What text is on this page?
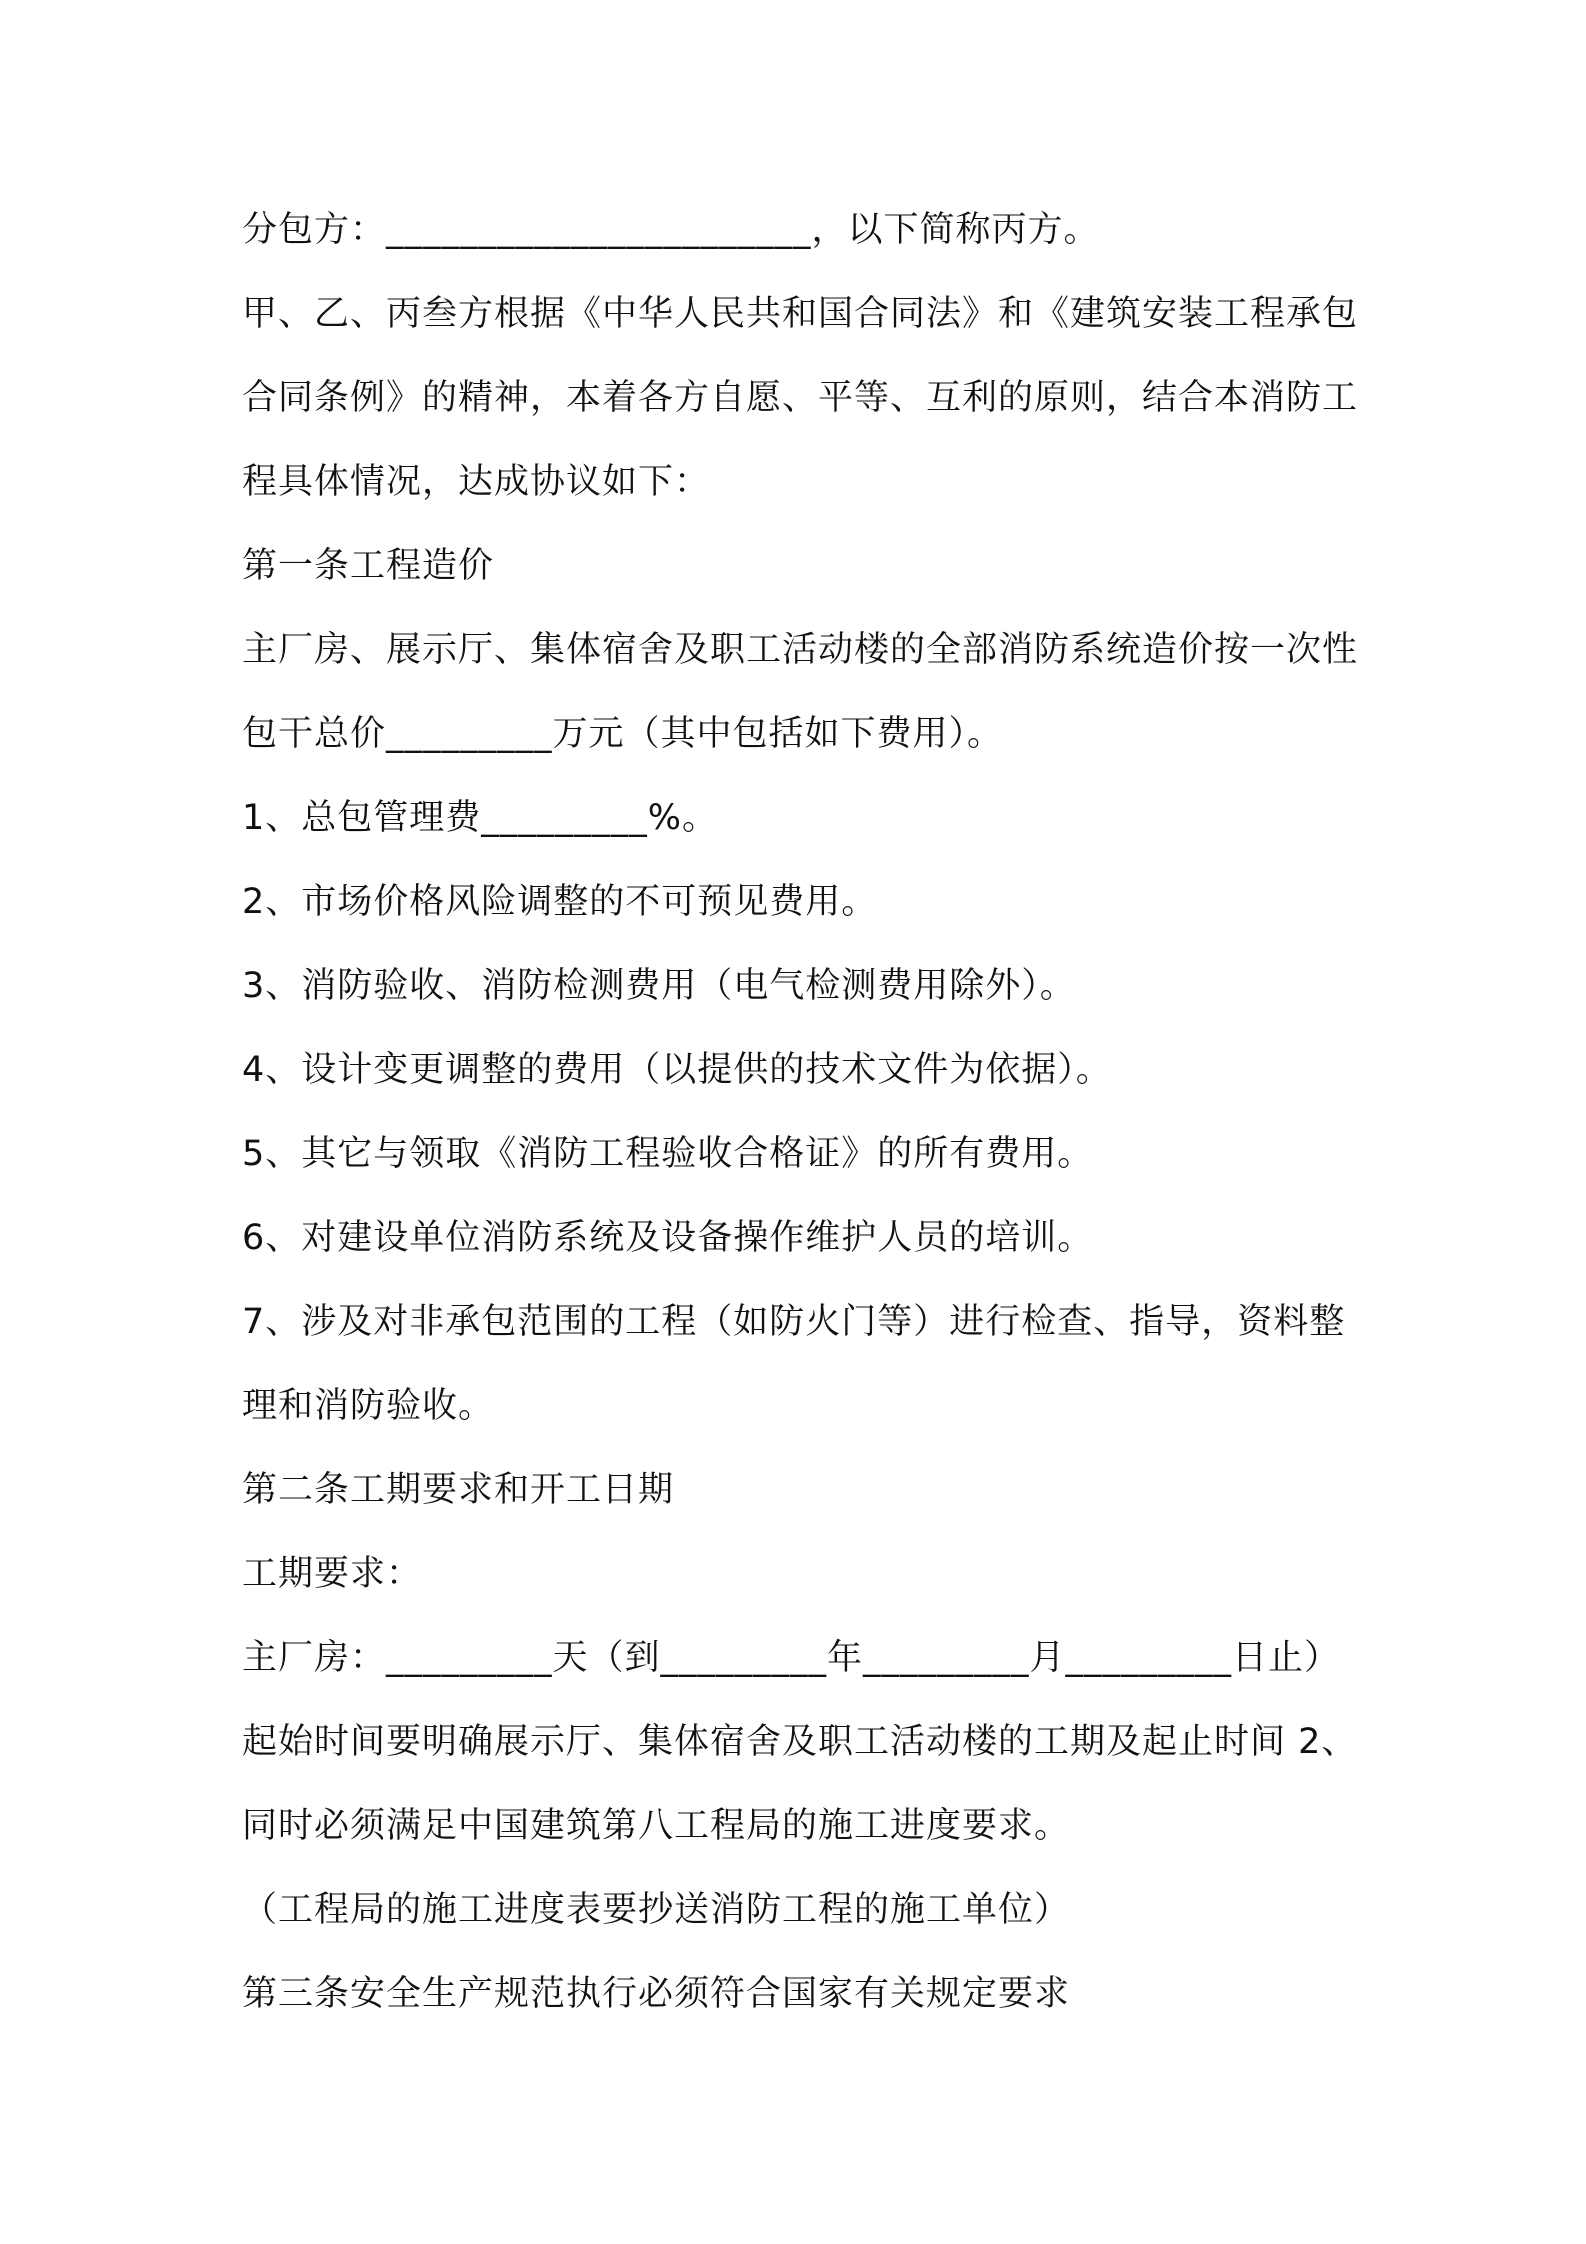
分包方：_______________________，以下简称丙方。

甲、乙、丙叁方根据《中华人民共和国合同法》和《建筑安装工程承包合同条例》的精神，本着各方自愿、平等、互利的原则，结合本消防工程具体情况，达成协议如下：

第一条工程造价

主厂房、展示厅、集体宿舍及职工活动楼的全部消防系统造价按一次性包干总价_________万元（其中包括如下费用）。

1、总包管理费_________%。

2、市场价格风险调整的不可预见费用。

3、消防验收、消防检测费用（电气检测费用除外）。

4、设计变更调整的费用（以提供的技术文件为依据）。

5、其它与领取《消防工程验收合格证》的所有费用。

6、对建设单位消防系统及设备操作维护人员的培训。

7、涉及对非承包范围的工程（如防火门等）进行检查、指导，资料整理和消防验收。

第二条工期要求和开工日期

工期要求：

主厂房：_________天（到_________年_________月_________日止）起始时间要明确展示厅、集体宿舍及职工活动楼的工期及起止时间 2、同时必须满足中国建筑第八工程局的施工进度要求。

（工程局的施工进度表要抄送消防工程的施工单位）

第三条安全生产规范执行必须符合国家有关规定要求
